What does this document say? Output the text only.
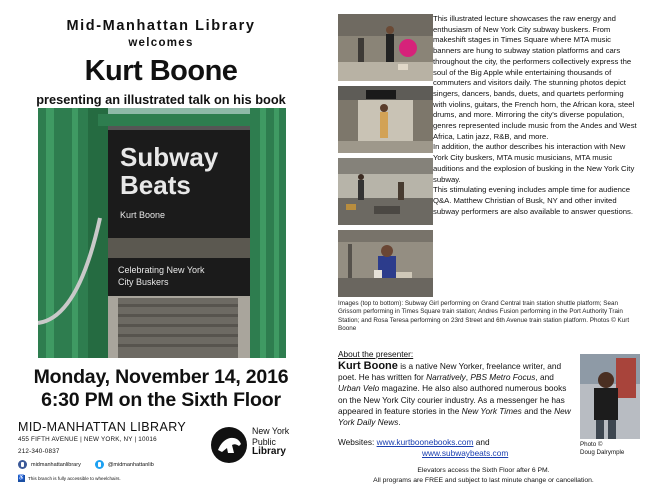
Mid-Manhattan Library
welcomes
Kurt Boone
presenting an illustrated talk on his book
Subway
Beats
Kurt Boone
Celebrating New York
City Buskers
Monday, November 14, 2016
6:30 PM on the Sixth Floor
MID-MANHATTAN LIBRARY
455 FIFTH AVENUE | NEW YORK, NY | 10016
212-340-0837
midmanhattanlibrary	@midmanhattanlib
♿ This branch is fully accessible to wheelchairs.
New York
Public
Library

This illustrated lecture showcases the raw energy and enthusiasm of New York City subway buskers. From makeshift stages in Times Square where MTA music banners are hung to subway station platforms and cars throughout the city, the performers collectively express the soul of the Big Apple while entertaining thousands of commuters and visitors daily. The stunning photos depict singers, dancers, bands, duets, and quartets performing with violins, guitars, the French horn, the African kora, steel drums, and more. Mirroring the city's diverse population, genres represented include music from the Andes and West Africa, Latin jazz, R&B, and more.

In addition, the author describes his interaction with New York City buskers, MTA music musicians, MTA music auditions and the explosion of busking in the New York City subway.

This stimulating evening includes ample time for audience Q&A. Matthew Christian of Busk, NY and other invited subway performers are also available to answer questions.

Images (top to bottom): Subway Girl performing on Grand Central train station shuttle platform; Sean Grissom performing in Times Square train station; Andres Fusion performing in the Port Authority Train Station; and Rosa Teresa performing on 23rd Street and 6th Avenue train station platform. Photos © Kurt Boone
About the presenter:
Kurt Boone is a native New Yorker, freelance writer, and poet. He has written for Narratively, PBS Metro Focus, and Urban Velo magazine. He also also authored numerous books on the New York City courier industry. As a messenger he has appeared in feature stories in the New York Times and the New York Daily News.
Websites: www.kurtboonebooks.com and
www.subwaybeats.com
Photo ©
Doug Dalrymple
Elevators access the Sixth Floor after 6 PM.
All programs are FREE and subject to last minute change or cancellation.
